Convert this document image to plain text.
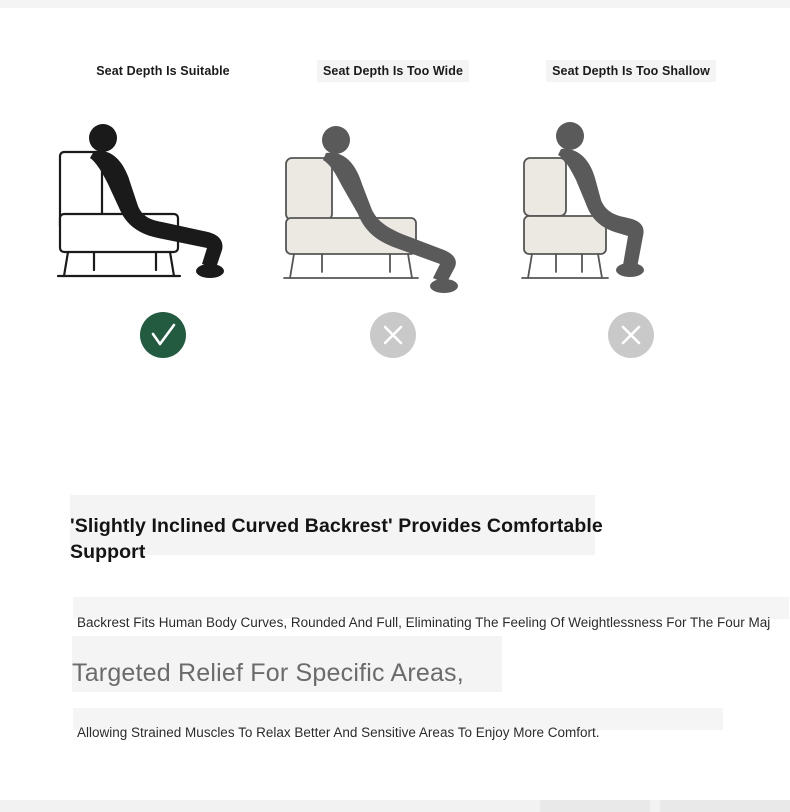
Seat Depth Is Suitable	Seat Depth Is Too Wide	Seat Depth Is Too Shallow
'Slightly Inclined Curved Backrest' Provides Comfortable Support

Backrest Fits Human Body Curves, Rounded And Full, Eliminating The Feeling Of Weightlessness For The Four Maj

Targeted Relief For Specific Areas,

Allowing Strained Muscles To Relax Better And Sensitive Areas To Enjoy More Comfort.
